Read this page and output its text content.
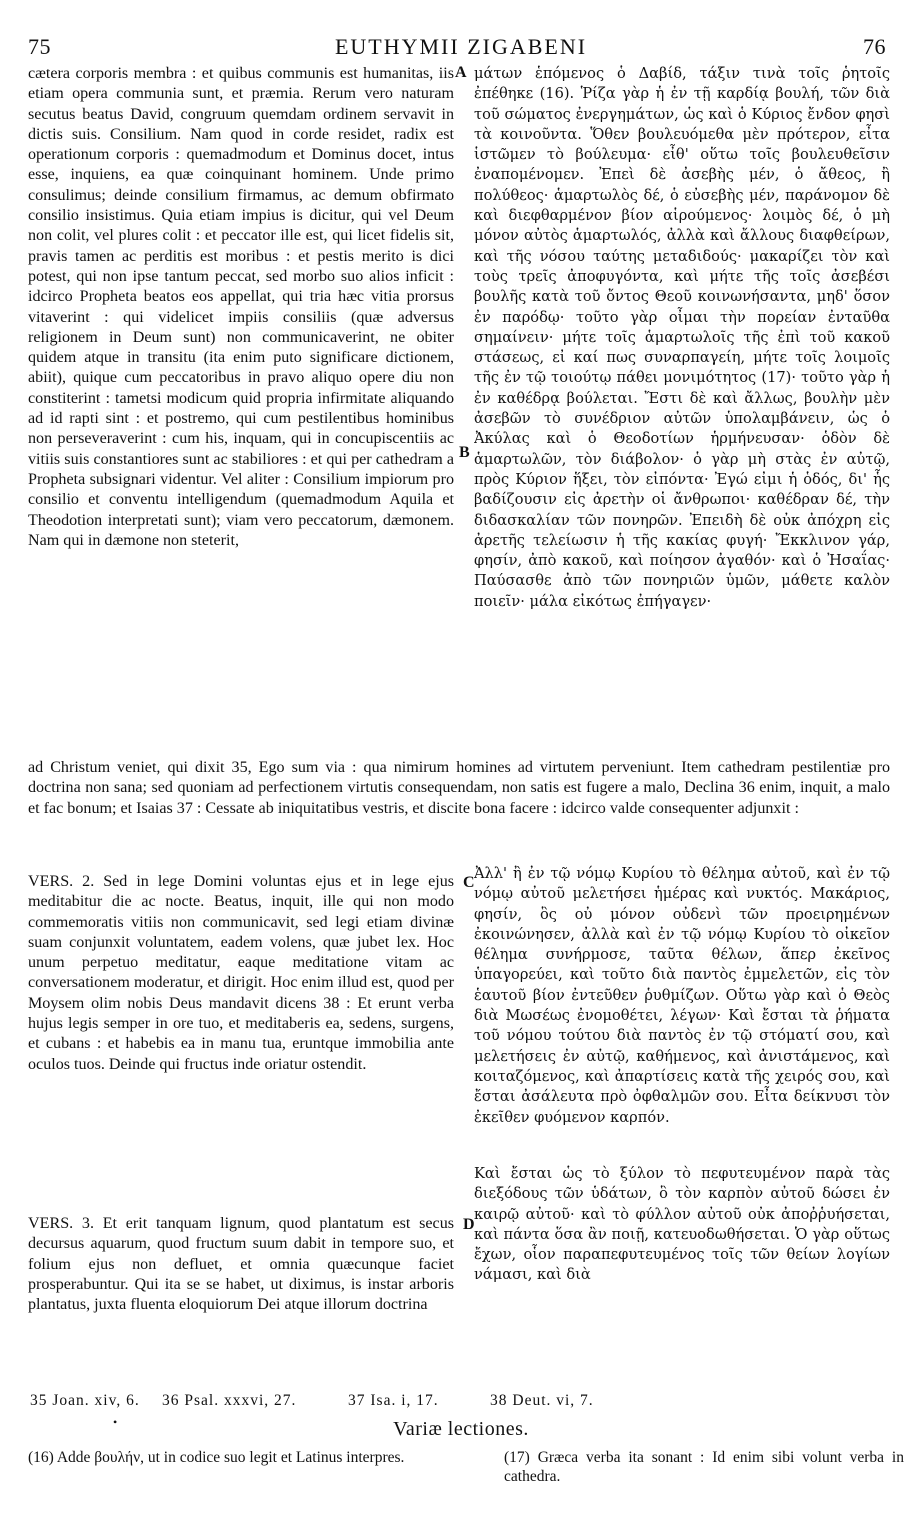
75	EUTHYMII ZIGABENI	76
cætera corporis membra : et quibus communis est humanitas, iis etiam opera communia sunt, et præmia. Rerum vero naturam secutus beatus David, congruum quemdam ordinem servavit in dictis suis. Consilium. Nam quod in corde residet, radix est operationum corporis : quemadmodum et Dominus docet, intus esse, inquiens, ea quæ coinquinant hominem. Unde primo consulimus; deinde consilium firmamus, ac demum obfirmato consilio insistimus. Quia etiam impius is dicitur, qui vel Deum non colit, vel plures colit : et peccator ille est, qui licet fidelis sit, pravis tamen ac perditis est moribus : et pestis merito is dici potest, qui non ipse tantum peccat, sed morbo suo alios inficit : idcirco Propheta beatos eos appellat, qui tria hæc vitia prorsus vitaverint : qui videlicet impiis consiliis (quæ adversus religionem in Deum sunt) non communicaverint, ne obiter quidem atque in transitu (ita enim puto significare dictionem, abiit), quique cum peccatoribus in pravo aliquo opere diu non constiterint : tametsi modicum quid propria infirmitate aliquando ad id rapti sint : et postremo, qui cum pestilentibus hominibus non perseveraverint : cum his, inquam, qui in concupiscentiis ac vitiis suis constantiores sunt ac stabiliores : et qui per cathedram a Propheta subsignari videntur. Vel aliter : Consilium impiorum pro consilio et conventu intelligendum (quemadmodum Aquila et Theodotion interpretati sunt); viam vero peccatorum, dæmonem. Nam qui in dæmone non steterit,
μάτων ἑπόμενος ὁ Δαβίδ, τάξιν τινὰ τοῖς ῥητοῖς ἐπέθηκε (16). Ῥίζα γὰρ ἡ ἐν τῇ καρδίᾳ βουλή, τῶν διὰ τοῦ σώματος ἐνεργημάτων, ὡς καὶ ὁ Κύριος ἔνδον φησὶ τὰ κοινοῦντα. Ὅθεν βουλευόμεθα μὲν πρότερον, εἶτα ἱστῶμεν τὸ βούλευμα· εἶθ' οὕτω τοῖς βουλευθεῖσιν ἐναπομένομεν. Ἐπεὶ δὲ ἀσεβὴς μέν, ὁ ἄθεος, ἢ πολύθεος· ἁμαρτωλὸς δέ, ὁ εὐσεβὴς μέν, παράνομον δὲ καὶ διεφθαρμένον βίον αἱρούμενος· λοιμὸς δέ, ὁ μὴ μόνον αὐτὸς ἁμαρτωλός, ἀλλὰ καὶ ἄλλους διαφθείρων, καὶ τῆς νόσου ταύτης μεταδιδούς· μακαρίζει τὸν καὶ τοὺς τρεῖς ἀποφυγόντα, καὶ μήτε τῆς τοῖς ἀσεβέσι βουλῆς κατὰ τοῦ ὄντος Θεοῦ κοινωνήσαντα, μηδ' ὅσον ἐν παρόδῳ· τοῦτο γὰρ οἶμαι τὴν πορείαν ἐνταῦθα σημαίνειν· μήτε τοῖς ἁμαρτωλοῖς τῆς ἐπὶ τοῦ κακοῦ στάσεως, εἰ καί πως συναρπαγείη, μήτε τοῖς λοιμοῖς τῆς ἐν τῷ τοιούτῳ πάθει μονιμότητος (17)· τοῦτο γὰρ ἡ ἐν καθέδρᾳ βούλεται. Ἔστι δὲ καὶ ἄλλως, βουλὴν μὲν ἀσεβῶν τὸ συνέδριον αὐτῶν ὑπολαμβάνειν, ὡς ὁ Ἀκύλας καὶ ὁ Θεοδοτίων ἡρμήνευσαν· ὁδὸν δὲ ἁμαρτωλῶν, τὸν διάβολον· ὁ γὰρ μὴ στὰς ἐν αὐτῷ, πρὸς Κύριον ἥξει, τὸν εἰπόντα· Ἐγώ εἰμι ἡ ὁδός, δι' ἧς βαδίζουσιν εἰς ἀρετὴν οἱ ἄνθρωποι· καθέδραν δέ, τὴν διδασκαλίαν τῶν πονηρῶν. Ἐπειδὴ δὲ οὐκ ἀπόχρη εἰς ἀρετῆς τελείωσιν ἡ τῆς κακίας φυγή· Ἔκκλινον γάρ, φησίν, ἀπὸ κακοῦ, καὶ ποίησον ἀγαθόν· καὶ ὁ Ἠσαΐας· Παύσασθε ἀπὸ τῶν πονηριῶν ὑμῶν, μάθετε καλὸν ποιεῖν· μάλα εἰκότως ἐπήγαγεν·
A
B
C
D
ad Christum veniet, qui dixit 35, Ego sum via : qua nimirum homines ad virtutem perveniunt. Item cathedram pestilentiæ pro doctrina non sana; sed quoniam ad perfectionem virtutis consequendam, non satis est fugere a malo, Declina 36 enim, inquit, a malo et fac bonum; et Isaias 37 : Cessate ab iniquitatibus vestris, et discite bona facere : idcirco valde consequenter adjunxit :
VERS. 2. Sed in lege Domini voluntas ejus et in lege ejus meditabitur die ac nocte. Beatus, inquit, ille qui non modo commemoratis vitiis non communicavit, sed legi etiam divinæ suam conjunxit voluntatem, eadem volens, quæ jubet lex. Hoc unum perpetuo meditatur, eaque meditatione vitam ac conversationem moderatur, et dirigit. Hoc enim illud est, quod per Moysem olim nobis Deus mandavit dicens 38 : Et erunt verba hujus legis semper in ore tuo, et meditaberis ea, sedens, surgens, et cubans : et habebis ea in manu tua, eruntque immobilia ante oculos tuos. Deinde qui fructus inde oriatur ostendit.
Ἀλλ' ἢ ἐν τῷ νόμῳ Κυρίου τὸ θέλημα αὐτοῦ, καὶ ἐν τῷ νόμῳ αὐτοῦ μελετήσει ἡμέρας καὶ νυκτός. Μακάριος, φησίν, ὃς οὐ μόνον οὐδενὶ τῶν προειρημένων ἐκοινώνησεν, ἀλλὰ καὶ ἐν τῷ νόμῳ Κυρίου τὸ οἰκεῖον θέλημα συνήρμοσε, ταῦτα θέλων, ἅπερ ἐκεῖνος ὑπαγορεύει, καὶ τοῦτο διὰ παντὸς ἐμμελετῶν, εἰς τὸν ἑαυτοῦ βίον ἐντεῦθεν ῥυθμίζων. Οὕτω γὰρ καὶ ὁ Θεὸς διὰ Μωσέως ἐνομοθέτει, λέγων· Καὶ ἔσται τὰ ῥήματα τοῦ νόμου τούτου διὰ παντὸς ἐν τῷ στόματί σου, καὶ μελετήσεις ἐν αὐτῷ, καθήμενος, καὶ ἀνιστάμενος, καὶ κοιταζόμενος, καὶ ἀπαρτίσεις κατὰ τῆς χειρός σου, καὶ ἔσται ἀσάλευτα πρὸ ὀφθαλμῶν σου. Εἶτα δείκνυσι τὸν ἐκεῖθεν φυόμενον καρπόν.
VERS. 3. Et erit tanquam lignum, quod plantatum est secus decursus aquarum, quod fructum suum dabit in tempore suo, et folium ejus non defluet, et omnia quæcunque faciet prosperabuntur. Qui ita se se habet, ut diximus, is instar arboris plantatus, juxta fluenta eloquiorum Dei atque illorum doctrina
Καὶ ἔσται ὡς τὸ ξύλον τὸ πεφυτευμένον παρὰ τὰς διεξόδους τῶν ὑδάτων, ὃ τὸν καρπὸν αὐτοῦ δώσει ἐν καιρῷ αὐτοῦ· καὶ τὸ φύλλον αὐτοῦ οὐκ ἀποῤῥυήσεται, καὶ πάντα ὅσα ἂν ποιῇ, κατευοδωθήσεται. Ὁ γὰρ οὕτως ἔχων, οἷον παραπεφυτευμένος τοῖς τῶν θείων λογίων νάμασι, καὶ διὰ
35 Joan. xiv, 6. 36 Psal. xxxvi, 27.	37 Isa. i, 17.	38 Deut. vi, 7.
•	Variæ lectiones.
(16) Adde βουλήν, ut in codice suo legit et Latinus interpres.	(17) Græca verba ita sonant : Id enim sibi volunt verba in cathedra.
